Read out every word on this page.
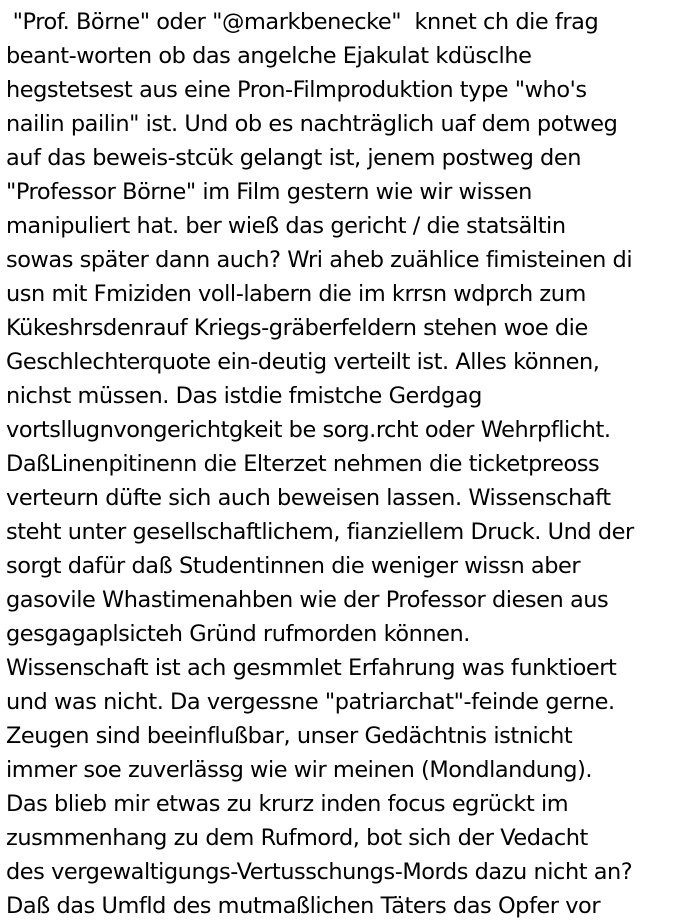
"Prof. Börne" oder "@markbenecke"  knnet ch die frag
beant-worten ob das angelche Ejakulat kdüsclhe
hegstetsest aus eine Pron-Filmproduktion type "who's
nailin pailin" ist. Und ob es nachträglich uaf dem potweg
auf das beweis-stcük gelangt ist, jenem postweg den
"Professor Börne" im Film gestern wie wir wissen
manipuliert hat. ber wieß das gericht / die statsältin
sowas später dann auch? Wri aheb zuählice fimisteinen di
usn mit Fmiziden voll-labern die im krrsn wdprch zum
Kükeshrsdenrauf Kriegs-gräberfeldern stehen woe die
Geschlechterquote ein-deutig verteilt ist. Alles können,
nichst müssen. Das istdie fmistche Gerdgag
vortsllugnvongerichtgkeit be sorg.rcht oder Wehrpflicht.
DaßLinenpitinenn die Elterzet nehmen die ticketpreoss
verteurn düfte sich auch beweisen lassen. Wissenschaft
steht unter gesellschaftlichem, fianziellem Druck. Und der
sorgt dafür daß Studentinnen die weniger wissn aber
gasovile Whastimenahben wie der Professor diesen aus
gesgagaplsicteh Gründ rufmorden können.
Wissenschaft ist ach gesmmlet Erfahrung was funktioert
und was nicht. Da vergessne "patriarchat"-feinde gerne.
Zeugen sind beeinflußbar, unser Gedächtnis istnicht
immer soe zuverlässg wie wir meinen (Mondlandung).
Das blieb mir etwas zu krurz inden focus egrückt im
zusmmenhang zu dem Rufmord, bot sich der Vedacht
des vergewaltigungs-Vertusschungs-Mords dazu nicht an?
Daß das Umfld des mutmaßlichen Täters das Opfer vor
